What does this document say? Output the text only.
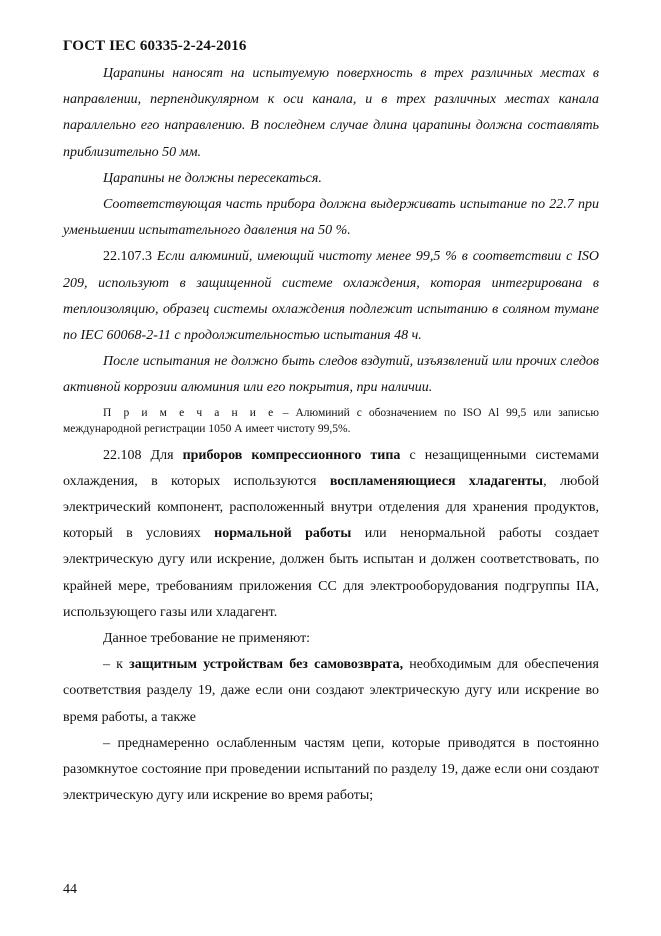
ГОСТ IEC 60335-2-24-2016

Царапины наносят на испытуемую поверхность в трех различных местах в направлении, перпендикулярном к оси канала, и в трех различных местах канала параллельно его направлению. В последнем случае длина царапины должна составлять приблизительно 50 мм.

Царапины не должны пересекаться.

Соответствующая часть прибора должна выдерживать испытание по 22.7 при уменьшении испытательного давления на 50 %.

22.107.3 Если алюминий, имеющий чистоту менее 99,5 % в соответствии с ISO 209, используют в защищенной системе охлаждения, которая интегрирована в теплоизоляцию, образец системы охлаждения подлежит испытанию в соляном тумане по IEC 60068-2-11 с продолжительностью испытания 48 ч.

После испытания не должно быть следов вздутий, изъязвлений или прочих следов активной коррозии алюминия или его покрытия, при наличии.

П р и м е ч а н и е – Алюминий с обозначением по ISO Al 99,5 или записью международной регистрации 1050 А имеет чистоту 99,5%.

22.108 Для приборов компрессионного типа с незащищенными системами охлаждения, в которых используются воспламеняющиеся хладагенты, любой электрический компонент, расположенный внутри отделения для хранения продуктов, который в условиях нормальной работы или ненормальной работы создает электрическую дугу или искрение, должен быть испытан и должен соответствовать, по крайней мере, требованиям приложения СС для электрооборудования подгруппы IIА, использующего газы или хладагент.

Данное требование не применяют:

– к защитным устройствам без самовозврата, необходимым для обеспечения соответствия разделу 19, даже если они создают электрическую дугу или искрение во время работы, а также

– преднамеренно ослабленным частям цепи, которые приводятся в постоянно разомкнутое состояние при проведении испытаний по разделу 19, даже если они создают электрическую дугу или искрение во время работы;

44
